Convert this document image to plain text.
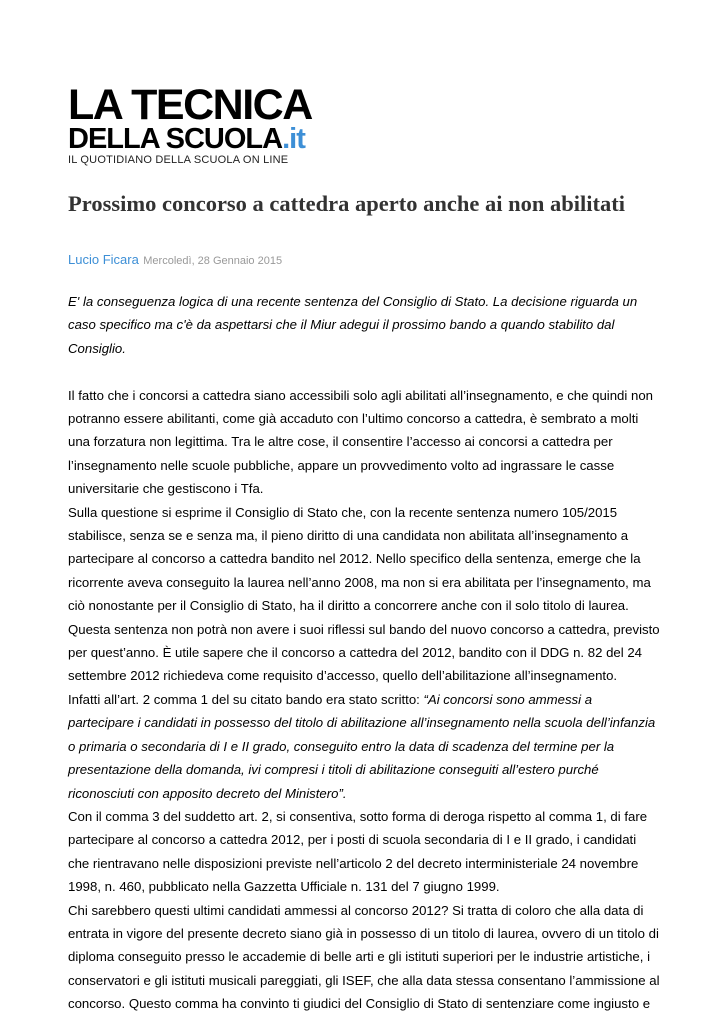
LA TECNICA
DELLA SCUOLA.it
IL QUOTIDIANO DELLA SCUOLA ON LINE
Prossimo concorso a cattedra aperto anche ai non abilitati
Lucio Ficara Mercoledì, 28 Gennaio 2015

E' la conseguenza logica di una recente sentenza del Consiglio di Stato. La decisione riguarda un caso specifico ma c'è da aspettarsi che il Miur adegui il prossimo bando a quando stabilito dal Consiglio.

Il fatto che i concorsi a cattedra siano accessibili solo agli abilitati all’insegnamento, e che quindi non potranno essere abilitanti, come già accaduto con l’ultimo concorso a cattedra, è sembrato a molti una forzatura non legittima. Tra le altre cose, il consentire l’accesso ai concorsi a cattedra per l’insegnamento nelle scuole pubbliche, appare un provvedimento volto ad ingrassare le casse universitarie che gestiscono i Tfa.

Sulla questione si esprime il Consiglio di Stato che, con la recente sentenza numero 105/2015 stabilisce, senza se e senza ma, il pieno diritto di una candidata non abilitata all’insegnamento a partecipare al concorso a cattedra bandito nel 2012. Nello specifico della sentenza, emerge che la ricorrente aveva conseguito la laurea nell’anno 2008, ma non si era abilitata per l’insegnamento, ma ciò nonostante per il Consiglio di Stato, ha il diritto a concorrere anche con il solo titolo di laurea.

Questa sentenza non potrà non avere i suoi riflessi sul bando del nuovo concorso a cattedra, previsto per quest’anno. È utile sapere che il concorso a cattedra del 2012, bandito con il DDG n. 82 del 24 settembre 2012 richiedeva come requisito d’accesso, quello dell’abilitazione all’insegnamento.

Infatti all’art. 2 comma 1 del su citato bando era stato scritto: “Ai concorsi sono ammessi a partecipare i candidati in possesso del titolo di abilitazione all’insegnamento nella scuola dell’infanzia o primaria o secondaria di I e II grado, conseguito entro la data di scadenza del termine per la presentazione della domanda, ivi compresi i titoli di abilitazione conseguiti all’estero purché riconosciuti con apposito decreto del Ministero”.

Con il comma 3 del suddetto art. 2, si consentiva, sotto forma di deroga rispetto al comma 1, di fare partecipare al concorso a cattedra 2012, per i posti di scuola secondaria di I e II grado, i candidati che rientravano nelle disposizioni previste nell’articolo 2 del decreto interministeriale 24 novembre 1998, n. 460, pubblicato nella Gazzetta Ufficiale n. 131 del 7 giugno 1999.

Chi sarebbero questi ultimi candidati ammessi al concorso 2012? Si tratta di coloro che alla data di entrata in vigore del presente decreto siano già in possesso di un titolo di laurea, ovvero di un titolo di diploma conseguito presso le accademie di belle arti e gli istituti superiori per le industrie artistiche, i conservatori e gli istituti musicali pareggiati, gli ISEF, che alla data stessa consentano l’ammissione al concorso. Questo comma ha convinto ti giudici del Consiglio di Stato di sentenziare come ingiusto e
